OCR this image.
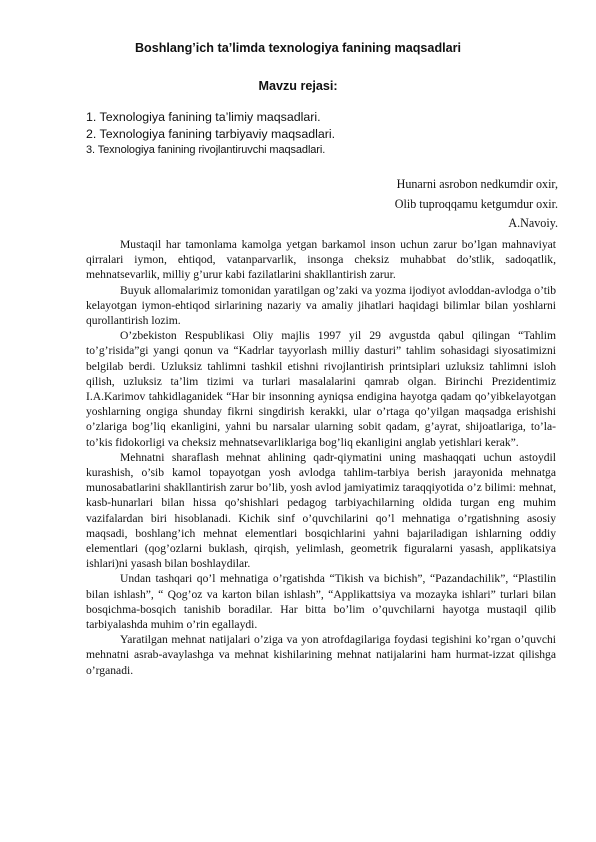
Boshlang’ich ta’limda texnologiya fanining maqsadlari
Mavzu rejasi:
1. Texnologiya fanining ta’limiy maqsadlari.
2. Texnologiya fanining tarbiyaviy maqsadlari.
3. Texnologiya fanining rivojlantiruvchi maqsadlari.
Hunarni asrobon nedkumdir oxir,
Olib tuproqqamu ketgumdur oxir.
A.Navoiy.

Mustaqil har tamonlama kamolga yetgan barkamol inson uchun zarur bo’lgan mahnaviyat qirralari iymon, ehtiqod, vatanparvarlik, insonga cheksiz muhabbat do’stlik, sadoqatlik, mehnatsevarlik, milliy g’urur kabi fazilatlarini shakllantirish zarur.

Buyuk allomalarimiz tomonidan yaratilgan og’zaki va yozma ijodiyot avloddan-avlodga o’tib kelayotgan iymon-ehtiqod sirlarining nazariy va amaliy jihatlari haqidagi bilimlar bilan yoshlarni qurollantirish lozim.

O’zbekiston Respublikasi Oliy majlis 1997 yil 29 avgustda qabul qilingan “Tahlim to’g’risida”gi yangi qonun va “Kadrlar tayyorlash milliy dasturi” tahlim sohasidagi siyosatimizni belgilab berdi. Uzluksiz tahlimni tashkil etishni rivojlantirish printsiplari uzluksiz tahlimni isloh qilish, uzluksiz ta’lim tizimi va turlari masalalarini qamrab olgan. Birinchi Prezidentimiz I.A.Karimov tahkidlaganidek “Har bir insonning ayniqsa endigina hayotga qadam qo’yibkelayotgan yoshlarning ongiga shunday fikrni singdirish kerakki, ular o’rtaga qo’yilgan maqsadga erishishi o’zlariga bog’liq ekanligini, yahni bu narsalar ularning sobit qadam, g’ayrat, shijoatlariga, to’la-to’kis fidokorligi va cheksiz mehnatsevarliklariga bog’liq ekanligini anglab yetishlari kerak”.

Mehnatni sharaflash mehnat ahlining qadr-qiymatini uning mashaqqati uchun astoydil kurashish, o’sib kamol topayotgan yosh avlodga tahlim-tarbiya berish jarayonida mehnatga munosabatlarini shakllantirish zarur bo’lib, yosh avlod jamiyatimiz taraqqiyotida o’z bilimi: mehnat, kasb-hunarlari bilan hissa qo’shishlari pedagog tarbiyachilarning oldida turgan eng muhim vazifalardan biri hisoblanadi. Kichik sinf o’quvchilarini qo’l mehnatiga o’rgatishning asosiy maqsadi, boshlang’ich mehnat elementlari bosqichlarini yahni bajariladigan ishlarning oddiy elementlari (qog’ozlarni buklash, qirqish, yelimlash, geometrik figuralarni yasash, applikatsiya ishlari)ni yasash bilan boshlaydilar.

Undan tashqari qo’l mehnatiga o’rgatishda “Tikish va bichish”, “Pazandachilik”, “Plastilin bilan ishlash”, “ Qog’oz va karton bilan ishlash”, “Applikattsiya va mozayka ishlari” turlari bilan bosqichma-bosqich tanishib boradilar. Har bitta bo’lim o’quvchilarni hayotga mustaqil qilib tarbiyalashda muhim o’rin egallaydi.

Yaratilgan mehnat natijalari o’ziga va yon atrofdagilariga foydasi tegishini ko’rgan o’quvchi mehnatni asrab-avaylashga va mehnat kishilarining mehnat natijalarini ham hurmat-izzat qilishga o’rganadi.
